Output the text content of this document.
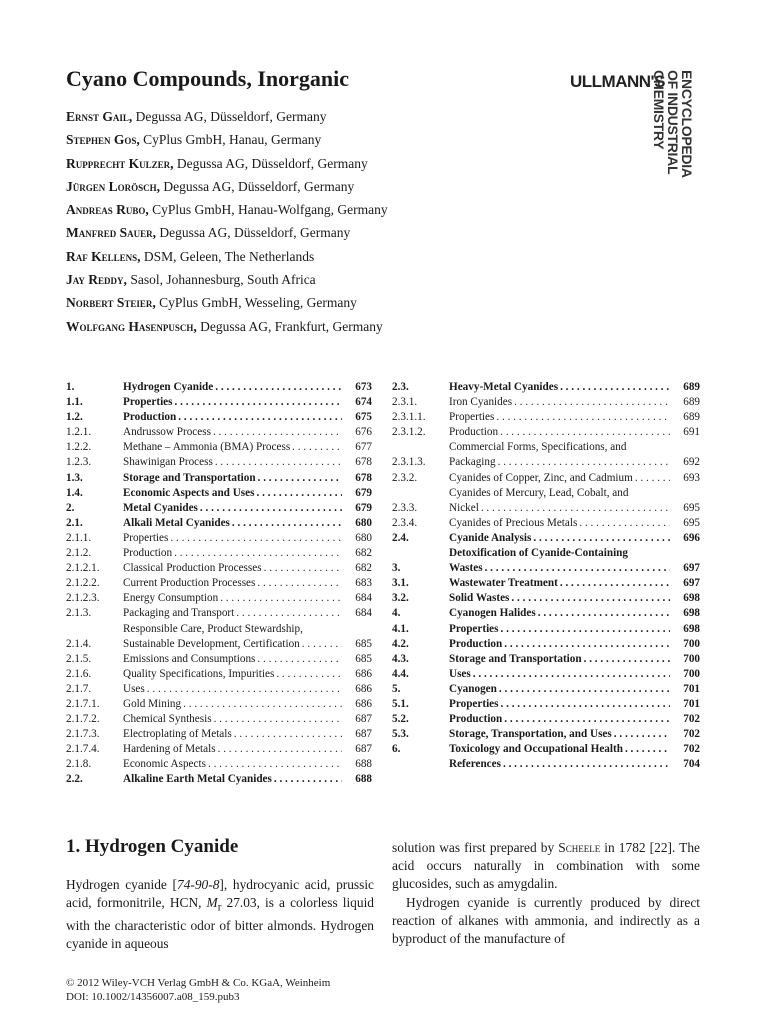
Cyano Compounds, Inorganic	ULLMANN'S ENCYCLOPEDIA
OF INDUSTRIAL
CHEMISTRY
Ernst Gail, Degussa AG, Düsseldorf, Germany
Stephen Gos, CyPlus GmbH, Hanau, Germany
Rupprecht Kulzer, Degussa AG, Düsseldorf, Germany
Jürgen Lorösch, Degussa AG, Düsseldorf, Germany
Andreas Rubo, CyPlus GmbH, Hanau-Wolfgang, Germany
Manfred Sauer, Degussa AG, Düsseldorf, Germany
Raf Kellens, DSM, Geleen, The Netherlands
Jay Reddy, Sasol, Johannesburg, South Africa
Norbert Steier, CyPlus GmbH, Wesseling, Germany
Wolfgang Hasenpusch, Degussa AG, Frankfurt, Germany
1.	Hydrogen Cyanide . . .	673
1.1.	Properties . . .	674
1.2.	Production . . .	675
1.2.1.	Andrussow Process . . .	676
1.2.2.	Methane – Ammonia (BMA) Process . . .	677
1.2.3.	Shawinigan Process . . .	678
1.3.	Storage and Transportation . . .	678
1.4.	Economic Aspects and Uses . . .	679
2.	Metal Cyanides . . .	679
2.1.	Alkali Metal Cyanides . . .	680
2.1.1.	Properties . . .	680
2.1.2.	Production . . .	682
2.1.2.1.	Classical Production Processes . . .	682
2.1.2.2.	Current Production Processes . . .	683
2.1.2.3.	Energy Consumption . . .	684
2.1.3.	Packaging and Transport . . .	684
2.1.4.
Responsible Care, Product Stewardship,
Sustainable Development, Certification . . .	685
2.1.5.	Emissions and Consumptions . . .	685
2.1.6.	Quality Specifications, Impurities . . .	686
2.1.7.	Uses . . .	686
2.1.7.1.	Gold Mining . . .	686
2.1.7.2.	Chemical Synthesis . . .	687
2.1.7.3.	Electroplating of Metals . . .	687
2.1.7.4.	Hardening of Metals . . .	687
2.1.8.	Economic Aspects . . .	688
2.2.	Alkaline Earth Metal Cyanides . . .	688
2.3.	Heavy-Metal Cyanides . . .	689
2.3.1.	Iron Cyanides . . .	689
2.3.1.1.	Properties . . .	689
2.3.1.2.	Production . . .	691
2.3.1.3.
Commercial Forms, Specifications, and
Packaging . . .	692
2.3.2.	Cyanides of Copper, Zinc, and Cadmium . . .	693
2.3.3.
Cyanides of Mercury, Lead, Cobalt, and
Nickel . . .	695
2.3.4.	Cyanides of Precious Metals . . .	695
2.4.	Cyanide Analysis . . .	696
3.
Detoxification of Cyanide-Containing
Wastes . . .	697
3.1.	Wastewater Treatment . . .	697
3.2.	Solid Wastes . . .	698
4.	Cyanogen Halides . . .	698
4.1.	Properties . . .	698
4.2.	Production . . .	700
4.3.	Storage and Transportation . . .	700
4.4.	Uses . . .	700
5.	Cyanogen . . .	701
5.1.	Properties . . .	701
5.2.	Production . . .	702
5.3.	Storage, Transportation, and Uses . . .	702
6.	Toxicology and Occupational Health . . .	702
References . . .	704
1. Hydrogen Cyanide

Hydrogen cyanide [74-90-8], hydrocyanic acid, prussic acid, formonitrile, HCN, $M_r$ 27.03, is a colorless liquid with the characteristic odor of bitter almonds. Hydrogen cyanide in aqueous

solution was first prepared by Scheele in 1782 [22]. The acid occurs naturally in combination with some glucosides, such as amygdalin.

Hydrogen cyanide is currently produced by direct reaction of alkanes with ammonia, and indirectly as a byproduct of the manufacture of

© 2012 Wiley-VCH Verlag GmbH & Co. KGaA, Weinheim
DOI: 10.1002/14356007.a08_159.pub3
